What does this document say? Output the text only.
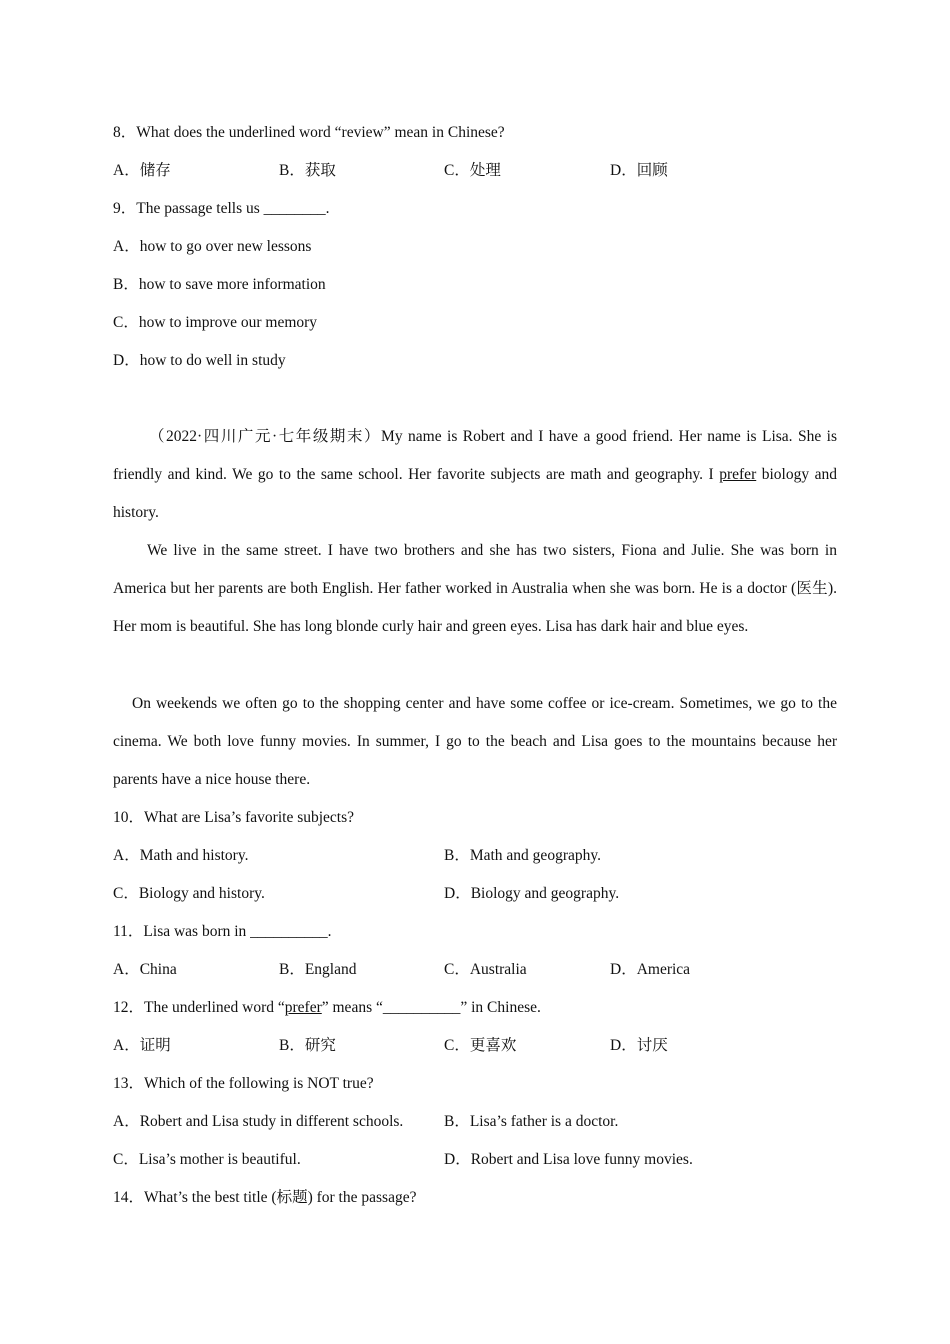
8．What does the underlined word “review” mean in Chinese?
A．储存	B．获取	C．处理	D．回顾
9．The passage tells us ________.
A．how to go over new lessons
B．how to save more information
C．how to improve our memory
D．how to do well in study
（2022·四川广元·七年级期末）My name is Robert and I have a good friend. Her name is Lisa. She is friendly and kind. We go to the same school. Her favorite subjects are math and geography. I prefer biology and history.
We live in the same street. I have two brothers and she has two sisters, Fiona and Julie. She was born in America but her parents are both English. Her father worked in Australia when she was born. He is a doctor (医生). Her mom is beautiful. She has long blonde curly hair and green eyes. Lisa has dark hair and blue eyes.
On weekends we often go to the shopping center and have some coffee or ice-cream. Sometimes, we go to the cinema. We both love funny movies. In summer, I go to the beach and Lisa goes to the mountains because her parents have a nice house there.
10．What are Lisa’s favorite subjects?
A．Math and history.	B．Math and geography.
C．Biology and history.	D．Biology and geography.
11．Lisa was born in __________.
A．China	B．England	C．Australia	D．America
12．The underlined word “prefer” means “__________” in Chinese.
A．证明	B．研究	C．更喜欢	D．讨厌
13．Which of the following is NOT true?
A．Robert and Lisa study in different schools.	B．Lisa’s father is a doctor.
C．Lisa’s mother is beautiful.	D．Robert and Lisa love funny movies.
14．What’s the best title (标题) for the passage?
